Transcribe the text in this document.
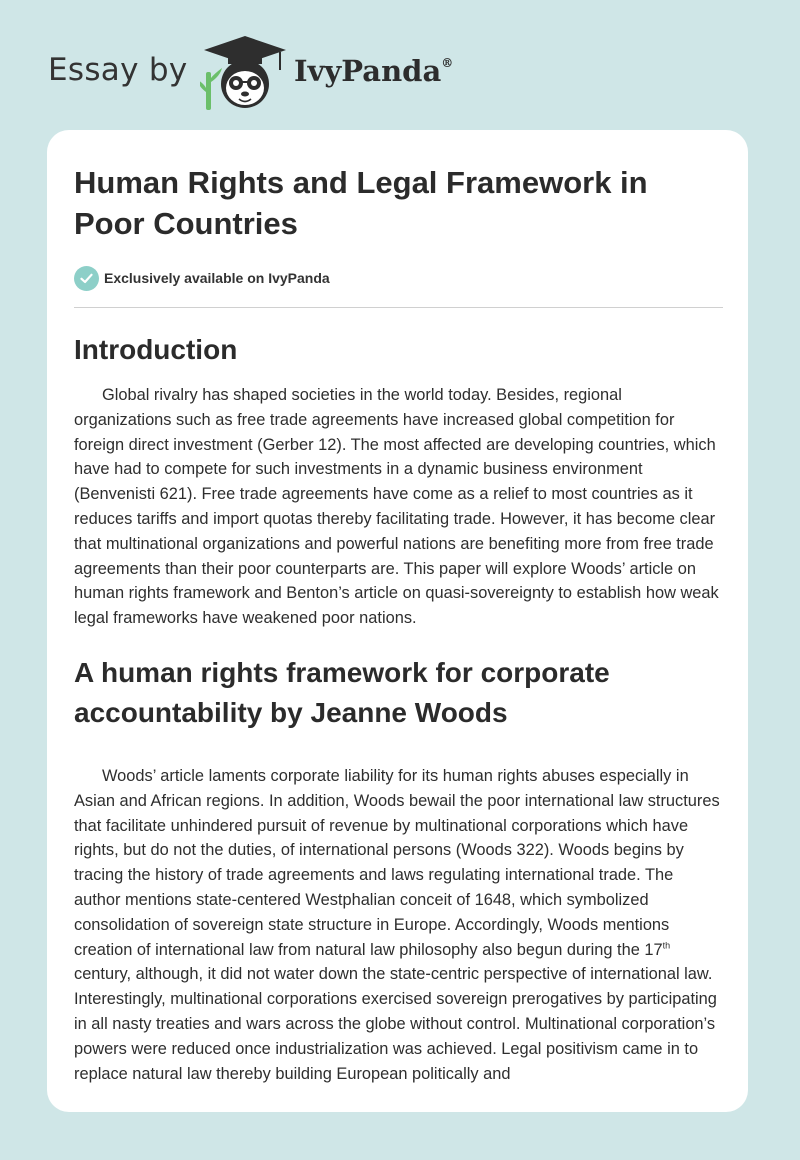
Essay by	IvyPanda®
Human Rights and Legal Framework in Poor Countries
Exclusively available on IvyPanda
Introduction

Global rivalry has shaped societies in the world today. Besides, regional organizations such as free trade agreements have increased global competition for foreign direct investment (Gerber 12). The most affected are developing countries, which have had to compete for such investments in a dynamic business environment (Benvenisti 621). Free trade agreements have come as a relief to most countries as it reduces tariffs and import quotas thereby facilitating trade. However, it has become clear that multinational organizations and powerful nations are benefiting more from free trade agreements than their poor counterparts are. This paper will explore Woods’ article on human rights framework and Benton’s article on quasi-sovereignty to establish how weak legal frameworks have weakened poor nations.

A human rights framework for corporate accountability by Jeanne Woods

Woods’ article laments corporate liability for its human rights abuses especially in Asian and African regions. In addition, Woods bewail the poor international law structures that facilitate unhindered pursuit of revenue by multinational corporations which have rights, but do not the duties, of international persons (Woods 322). Woods begins by tracing the history of trade agreements and laws regulating international trade. The author mentions state-centered Westphalian conceit of 1648, which symbolized consolidation of sovereign state structure in Europe. Accordingly, Woods mentions creation of international law from natural law philosophy also begun during the 17th century, although, it did not water down the state-centric perspective of international law. Interestingly, multinational corporations exercised sovereign prerogatives by participating in all nasty treaties and wars across the globe without control. Multinational corporation’s powers were reduced once industrialization was achieved. Legal positivism came in to replace natural law thereby building European politically and
